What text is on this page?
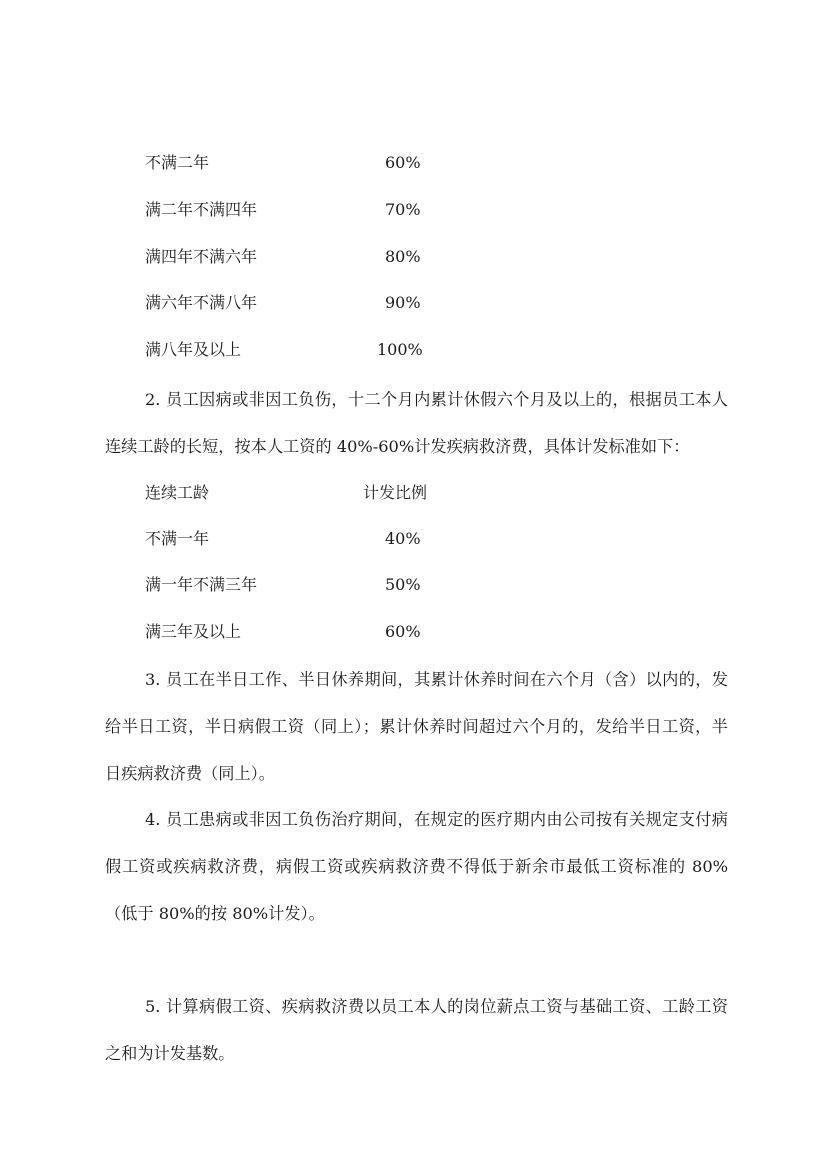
不满二年	60%
满二年不满四年	70%
满四年不满六年	80%
满六年不满八年	90%
满八年及以上	100%

2. 员工因病或非因工负伤，十二个月内累计休假六个月及以上的，根据员工本人连续工龄的长短，按本人工资的 40%-60%计发疾病救济费，具体计发标准如下：

连续工龄	计发比例
不满一年	40%
满一年不满三年	50%
满三年及以上	60%

3. 员工在半日工作、半日休养期间，其累计休养时间在六个月（含）以内的，发给半日工资，半日病假工资（同上）；累计休养时间超过六个月的，发给半日工资，半日疾病救济费（同上）。

4. 员工患病或非因工负伤治疗期间，在规定的医疗期内由公司按有关规定支付病假工资或疾病救济费，病假工资或疾病救济费不得低于新余市最低工资标准的 80%（低于 80%的按 80%计发）。

5. 计算病假工资、疾病救济费以员工本人的岗位薪点工资与基础工资、工龄工资之和为计发基数。
